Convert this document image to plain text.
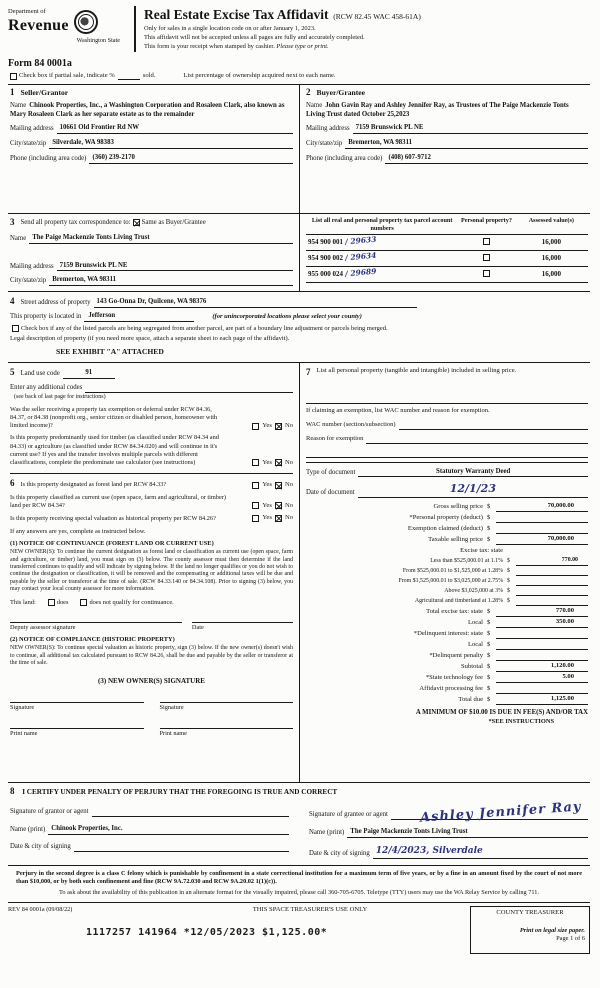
Department of
Revenue
Washington State
Real Estate Excise Tax Affidavit (RCW 82.45 WAC 458-61A)
Only for sales in a single location code on or after January 1, 2023.
This affidavit will not be accepted unless all pages are fully and accurately completed.
This form is your receipt when stamped by cashier. Please type or print.
Form 84 0001a
Check box if partial sale, indicate %	sold.	List percentage of ownership acquired next to each name.
1 Seller/Grantor
Name Chinook Properties, Inc., a Washington Corporation and Rosaleen Clark, also known as Mary Rosaleen Clark as her separate estate as to the remainder
Mailing address 10661 Old Frontier Rd NW
City/state/zip Silverdale, WA 98383
Phone (including area code) (360) 239-2170
2 Buyer/Grantee
Name John Gavin Ray and Ashley Jennifer Ray, as Trustees of The Paige Mackenzie Tonts Living Trust dated October 25,2023
Mailing address 7159 Brunswick PL NE
City/state/zip Bremerton, WA 98311
Phone (including area code) (408) 607-9712
3 Send all property tax correspondence to: Same as Buyer/Grantee
Name The Paige Mackenzie Tonts Living Trust
Mailing address 7159 Brunswick PL NE
City/state/zip Bremerton, WA 98311
List all real and personal property tax parcel account numbers	Personal property?	Assessed value(s)
954 900 001 / 29633		16,000
954 900 002 / 29634		16,000
955 000 024 / 29689		16,000
4 Street address of property 143 Go-Onna Dr, Quilcene, WA 98376
This property is located in	Jefferson	(for unincorporated locations please select your county)
Check box if any of the listed parcels are being segregated from another parcel, are part of a boundary line adjustment or parcels being merged.
Legal description of property (if you need more space, attach a separate sheet to each page of the affidavit).
SEE EXHIBIT "A" ATTACHED
5 Land use code	91
Enter any additional codes
(see back of last page for instructions)
Was the seller receiving a property tax exemption or deferral under RCW 84.36, 84.37, or 84.38 (nonprofit org., senior citizen or disabled person, homeowner with limited income)?	Yes No
Is this property predominantly used for timber (as classified under RCW 84.34 and 84.33) or agriculture (as classified under RCW 84.34.020) and will continue in it's current use? If yes and the transfer involves multiple parcels with different classifications, complete the predominate use calculator (see instructions)	Yes No
6 Is this property designated as forest land per RCW 84.33?	Yes No
Is this property classified as current use (open space, farm and agricultural, or timber) land per RCW 84.34?	Yes No
Is this property receiving special valuation as historical property per RCW 84.26?	Yes No
If any answers are yes, complete as instructed below.
(1) NOTICE OF CONTINUANCE (FOREST LAND OR CURRENT USE)
NEW OWNER(S): To continue the current designation as forest land or classification as current use (open space, farm and agriculture, or timber) land, you must sign on (3) below. The county assessor must then determine if the land transferred continues to qualify and will indicate by signing below. If the land no longer qualifies or you do not wish to continue the designation or classification, it will be removed and the compensating or additional taxes will be due and payable by the seller or transferor at the time of sale. (RCW 84.33.140 or 84.34.108). Prior to signing (3) below, you may contact your local county assessor for more information.
This land:	does	does not qualify for continuance.
Deputy assessor signature	Date
(2) NOTICE OF COMPLIANCE (HISTORIC PROPERTY)
NEW OWNER(S): To continue special valuation as historic property, sign (3) below. If the new owner(s) doesn't wish to continue, all additional tax calculated pursuant to RCW 84.26, shall be due and payable by the seller or transferor at the time of sale.
(3) NEW OWNER(S) SIGNATURE
Signature	Signature
Print name	Print name
7 List all personal property (tangible and intangible) included in selling price.
If claiming an exemption, list WAC number and reason for exemption.
WAC number (section/subsection)
Reason for exemption
Type of document	Statutory Warranty Deed
Date of document	12/1/23
Gross selling price $	70,000.00
*Personal property (deduct) $
Exemption claimed (deduct) $
Taxable selling price $	70,000.00
Excise tax: state
Less than $525,000.01 at 1.1% $	770.00
From $525,000.01 to $1,525,000 at 1.28% $
From $1,525,000.01 to $3,025,000 at 2.75% $
Above $3,025,000 at 3% $
Agricultural and timberland at 1.28% $
Total excise tax: state $	770.00
Local $	350.00
*Delinquent interest: state $
Local $
*Delinquent penalty $
Subtotal $	1,120.00
*State technology fee $	5.00
Affidavit processing fee $
Total due $	1,125.00
A MINIMUM OF $10.00 IS DUE IN FEE(S) AND/OR TAX
*SEE INSTRUCTIONS
8 I CERTIFY UNDER PENALTY OF PERJURY THAT THE FOREGOING IS TRUE AND CORRECT
Signature of grantor or agent
Name (print) Chinook Properties, Inc.
Date & city of signing
Signature of grantee or agent Ashley Jennifer Ray
Name (print) The Paige Mackenzie Tonts Living Trust
Date & city of signing 12/4/2023, Silverdale
Perjury in the second degree is a class C felony which is punishable by confinement in a state correctional institution for a maximum term of five years, or by a fine in an amount fixed by the court of not more than $10,000, or by both such confinement and fine (RCW 9A.72.030 and RCW 9A.20.02 1(1)(c)).
To ask about the availability of this publication in an alternate format for the visually impaired, please call 360-705-6705. Teletype (TTY) users may use the WA Relay Service by calling 711.
REV 84 0001a (09/08/22)	THIS SPACE TREASURER'S USE ONLY
1117257 141964 *12/05/2023 $1,125.00*
COUNTY TREASURER
Print on legal size paper.
Page 1 of 6
